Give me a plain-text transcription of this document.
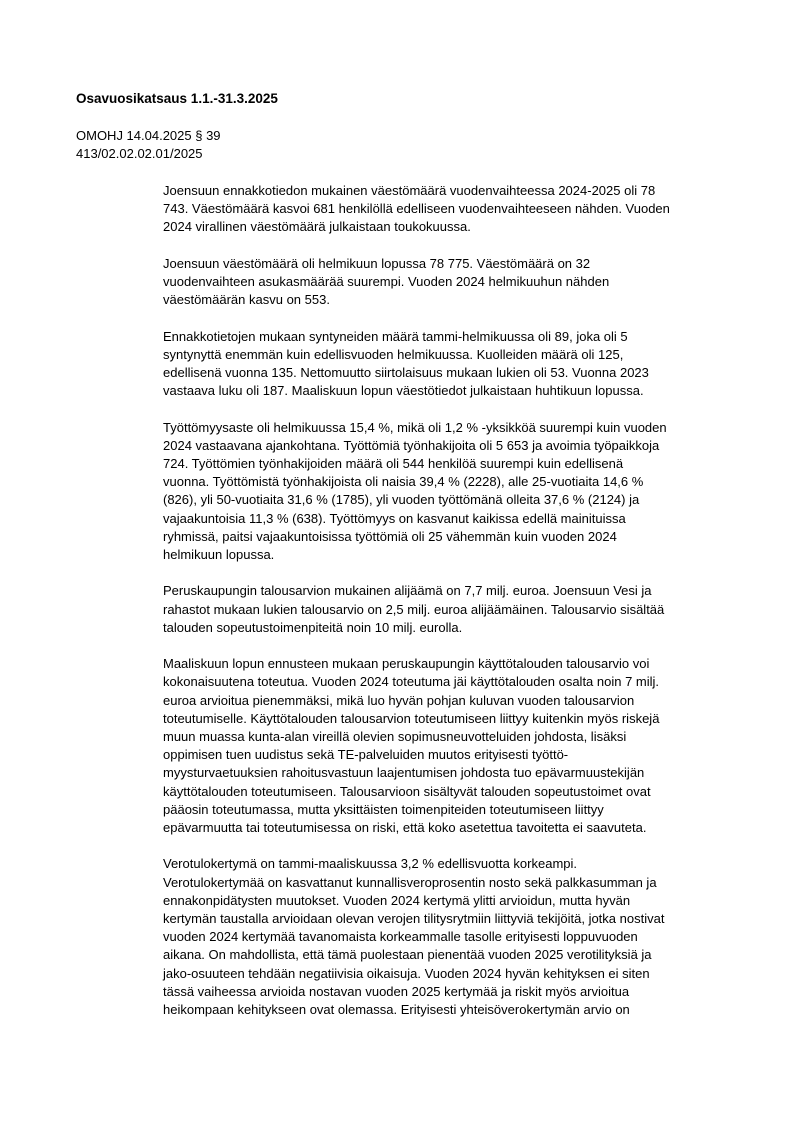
Osavuosikatsaus 1.1.-31.3.2025
OMOHJ 14.04.2025 § 39
413/02.02.02.01/2025

Joensuun ennakkotiedon mukainen väestömäärä vuodenvaihteessa 2024-2025 oli 78
743. Väestömäärä kasvoi 681 henkilöllä edelliseen vuodenvaihteeseen nähden. Vuoden
2024 virallinen väestömäärä julkaistaan toukokuussa.

Joensuun väestömäärä oli helmikuun lopussa 78 775. Väestömäärä on 32
vuodenvaihteen asukasmäärää suurempi. Vuoden 2024 helmikuuhun nähden
väestömäärän kasvu on 553.

Ennakkotietojen mukaan syntyneiden määrä tammi-helmikuussa oli 89, joka oli 5
syntynyttä enemmän kuin edellisvuoden helmikuussa. Kuolleiden määrä oli 125,
edellisenä vuonna 135. Nettomuutto siirtolaisuus mukaan lukien oli 53. Vuonna 2023
vastaava luku oli 187. Maaliskuun lopun väestötiedot julkaistaan huhtikuun lopussa.

Työttömyysaste oli helmikuussa 15,4 %, mikä oli 1,2 % -yksikköä suurempi kuin vuoden
2024 vastaavana ajankohtana. Työttömiä työnhakijoita oli 5 653 ja avoimia työpaikkoja
724. Työttömien työnhakijoiden määrä oli 544 henkilöä suurempi kuin edellisenä
vuonna. Työttömistä työnhakijoista oli naisia 39,4 % (2228), alle 25-vuotiaita 14,6 %
(826), yli 50-vuotiaita 31,6 % (1785), yli vuoden työttömänä olleita 37,6 % (2124) ja
vajaakuntoisia 11,3 % (638). Työttömyys on kasvanut kaikissa edellä mainituissa
ryhmissä, paitsi vajaakuntoisissa työttömiä oli 25 vähemmän kuin vuoden 2024
helmikuun lopussa.

Peruskaupungin talousarvion mukainen alijäämä on 7,7 milj. euroa. Joensuun Vesi ja
rahastot mukaan lukien talousarvio on 2,5 milj. euroa alijäämäinen. Talousarvio sisältää
talouden sopeutustoimenpiteitä noin 10 milj. eurolla.

Maaliskuun lopun ennusteen mukaan peruskaupungin käyttötalouden talousarvio voi
kokonaisuutena toteutua. Vuoden 2024 toteutuma jäi käyttötalouden osalta noin 7 milj.
euroa arvioitua pienemmäksi, mikä luo hyvän pohjan kuluvan vuoden talousarvion
toteutumiselle. Käyttötalouden talousarvion toteutumiseen liittyy kuitenkin myös riskejä
muun muassa kunta-alan vireillä olevien sopimusneuvotteluiden johdosta, lisäksi
oppimisen tuen uudistus sekä TE-palveluiden muutos erityisesti työttö-
myysturvaetuuksien rahoitusvastuun laajentumisen johdosta tuo epävarmuustekijän
käyttötalouden toteutumiseen. Talousarvioon sisältyvät talouden sopeutustoimet ovat
pääosin toteutumassa, mutta yksittäisten toimenpiteiden toteutumiseen liittyy
epävarmuutta tai toteutumisessa on riski, että koko asetettua tavoitetta ei saavuteta.

Verotulokertymä on tammi-maaliskuussa 3,2 % edellisvuotta korkeampi.
Verotulokertymää on kasvattanut kunnallisveroprosentin nosto sekä palkkasumman ja
ennakonpidätysten muutokset. Vuoden 2024 kertymä ylitti arvioidun, mutta hyvän
kertymän taustalla arvioidaan olevan verojen tilitysrytmiin liittyviä tekijöitä, jotka nostivat
vuoden 2024 kertymää tavanomaista korkeammalle tasolle erityisesti loppuvuoden
aikana. On mahdollista, että tämä puolestaan pienentää vuoden 2025 verotilityksiä ja
jako-osuuteen tehdään negatiivisia oikaisuja. Vuoden 2024 hyvän kehityksen ei siten
tässä vaiheessa arvioida nostavan vuoden 2025 kertymää ja riskit myös arvioitua
heikompaan kehitykseen ovat olemassa. Erityisesti yhteisöverokertymän arvio on
